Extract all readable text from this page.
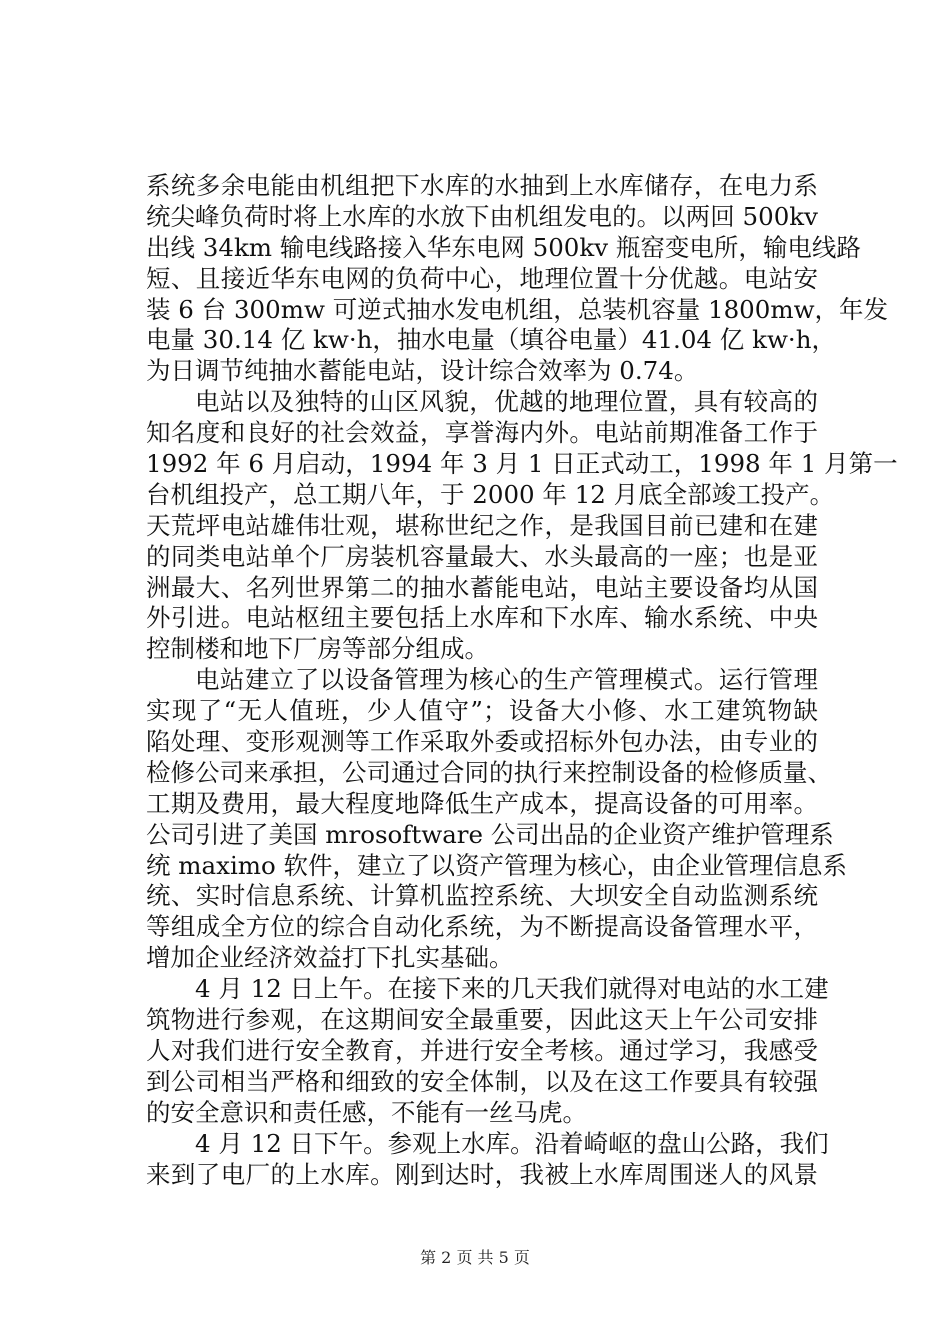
系统多余电能由机组把下水库的水抽到上水库储存，在电力系
统尖峰负荷时将上水库的水放下由机组发电的。以两回 500kv
出线 34km 输电线路接入华东电网 500kv 瓶窑变电所，输电线路
短、且接近华东电网的负荷中心，地理位置十分优越。电站安
装 6 台 300mw 可逆式抽水发电机组，总装机容量 1800mw，年发
电量 30.14 亿 kw·h，抽水电量（填谷电量）41.04 亿 kw·h，
为日调节纯抽水蓄能电站，设计综合效率为 0.74。
电站以及独特的山区风貌，优越的地理位置，具有较高的
知名度和良好的社会效益，享誉海内外。电站前期准备工作于
1992 年 6 月启动，1994 年 3 月 1 日正式动工，1998 年 1 月第一
台机组投产，总工期八年，于 2000 年 12 月底全部竣工投产。
天荒坪电站雄伟壮观，堪称世纪之作，是我国目前已建和在建
的同类电站单个厂房装机容量最大、水头最高的一座；也是亚
洲最大、名列世界第二的抽水蓄能电站，电站主要设备均从国
外引进。电站枢纽主要包括上水库和下水库、输水系统、中央
控制楼和地下厂房等部分组成。
电站建立了以设备管理为核心的生产管理模式。运行管理
实现了“无人值班，少人值守”；设备大小修、水工建筑物缺
陷处理、变形观测等工作采取外委或招标外包办法，由专业的
检修公司来承担，公司通过合同的执行来控制设备的检修质量、
工期及费用，最大程度地降低生产成本，提高设备的可用率。
公司引进了美国 mrosoftware 公司出品的企业资产维护管理系
统 maximo 软件，建立了以资产管理为核心，由企业管理信息系
统、实时信息系统、计算机监控系统、大坝安全自动监测系统
等组成全方位的综合自动化系统，为不断提高设备管理水平，
增加企业经济效益打下扎实基础。
4 月 12 日上午。在接下来的几天我们就得对电站的水工建
筑物进行参观，在这期间安全最重要，因此这天上午公司安排
人对我们进行安全教育，并进行安全考核。通过学习，我感受
到公司相当严格和细致的安全体制，以及在这工作要具有较强
的安全意识和责任感，不能有一丝马虎。
4 月 12 日下午。参观上水库。沿着崎岖的盘山公路，我们
来到了电厂的上水库。刚到达时，我被上水库周围迷人的风景
第 2 页 共 5 页
